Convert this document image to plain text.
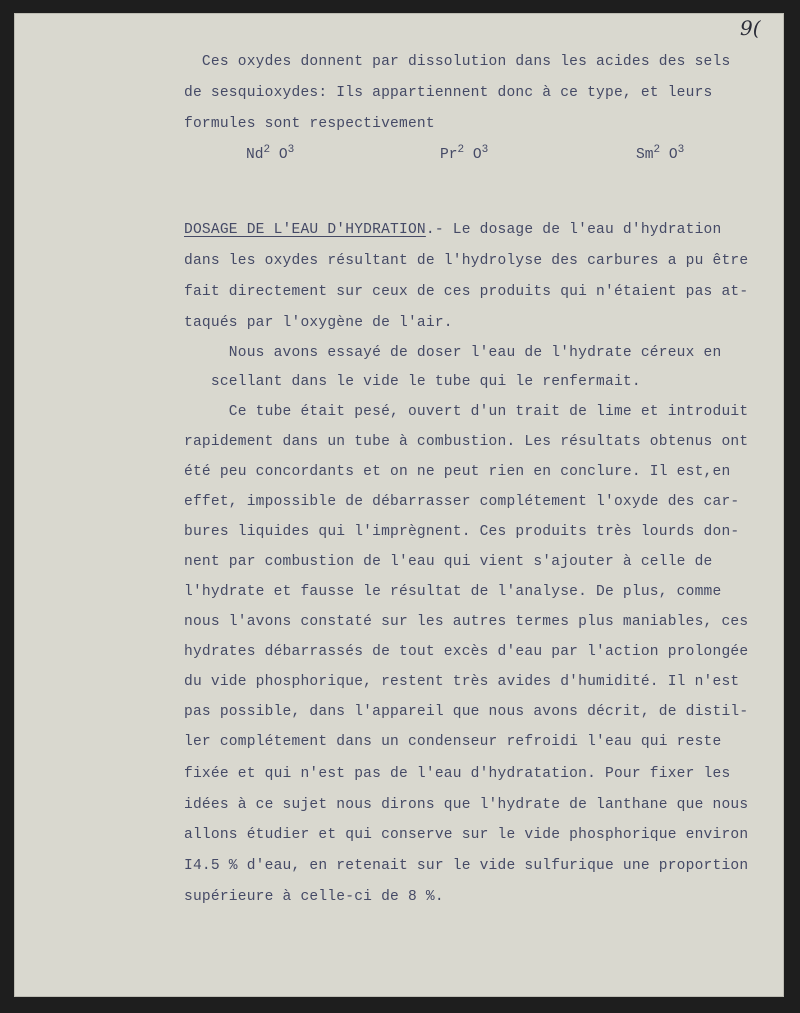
9(
Ces oxydes donnent par dissolution dans les acides des sels
de sesquioxydes: Ils appartiennent donc à ce type, et leurs
formules sont respectivement
Nd$^2$ $O^3$	Pr$^2$ $O^3$	Sm$^2$ $O^3$
DOSAGE DE L'EAU D'HYDRATION.- Le dosage de l'eau d'hydration
dans les oxydes résultant de l'hydrolyse des carbures a pu être
fait directement sur ceux de ces produits qui n'étaient pas at-
taqués par l'oxygène de l'air.
Nous avons essayé de doser l'eau de l'hydrate céreux en
scellant dans le vide le tube qui le renfermait.
Ce tube était pesé, ouvert d'un trait de lime et introduit
rapidement dans un tube à combustion. Les résultats obtenus ont
été peu concordants et on ne peut rien en conclure. Il est,en
effet, impossible de débarrasser complétement l'oxyde des car-
bures liquides qui l'imprègnent. Ces produits très lourds don-
nent par combustion de l'eau qui vient s'ajouter à celle de
l'hydrate et fausse le résultat de l'analyse. De plus, comme
nous l'avons constaté sur les autres termes plus maniables, ces
hydrates débarrassés de tout excès d'eau par l'action prolongée
du vide phosphorique, restent très avides d'humidité. Il n'est
pas possible, dans l'appareil que nous avons décrit, de distil-
ler complétement dans un condenseur refroidi l'eau qui reste
fixée et qui n'est pas de l'eau d'hydratation. Pour fixer les
idées à ce sujet nous dirons que l'hydrate de lanthane que nous
allons étudier et qui conserve sur le vide phosphorique environ
I4.5 % d'eau, en retenait sur le vide sulfurique une proportion
supérieure à celle-ci de 8 %.
